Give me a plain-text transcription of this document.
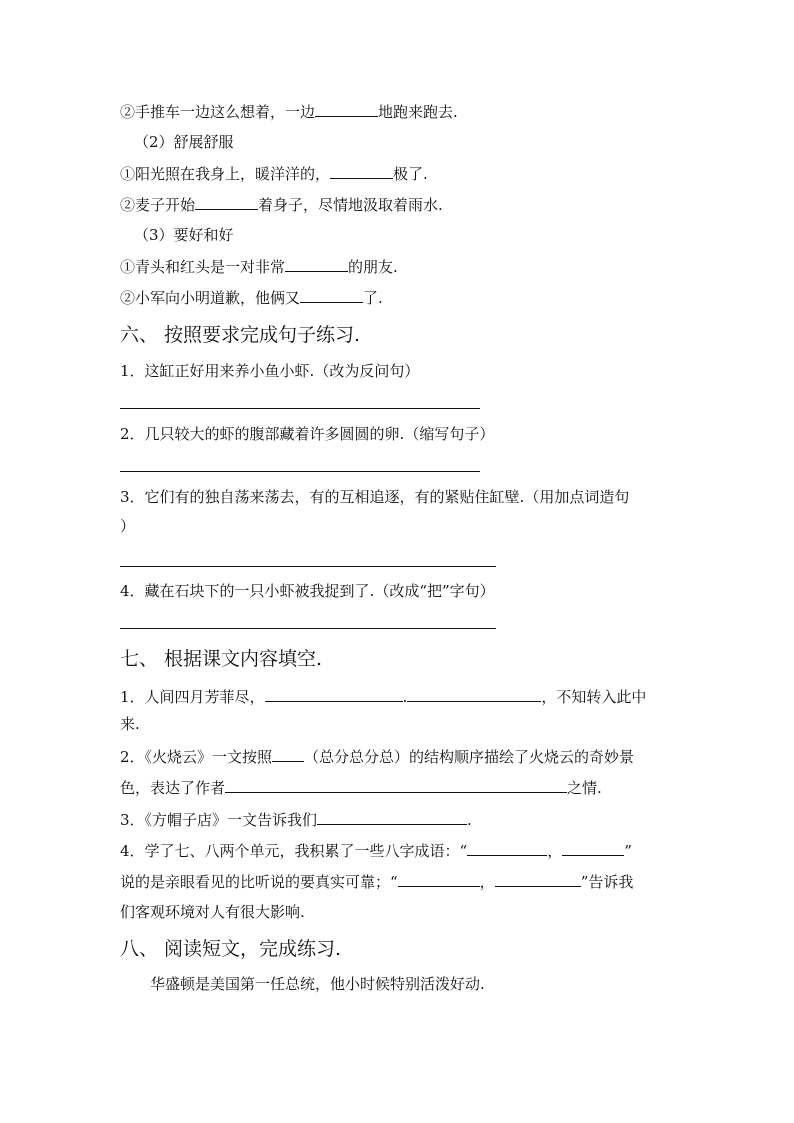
②手推车一边这么想着，一边	地跑来跑去.
（2）舒展舒服
①阳光照在我身上，暖洋洋的，	极了.
②麦子开始	着身子，尽情地汲取着雨水.
（3）要好和好
①青头和红头是一对非常	的朋友.
②小军向小明道歉，他俩又	了.
六、 按照要求完成句子练习.
1．这缸正好用来养小鱼小虾.（改为反问句）
2．几只较大的虾的腹部藏着许多圆圆的卵.（缩写句子）
3．它们有的独自荡来荡去，有的互相追逐，有的紧贴住缸壁.（用加点词造句
）
4．藏在石块下的一只小虾被我捉到了.（改成“把”字句）
七、 根据课文内容填空.
1．人间四月芳菲尽，	.	，不知转入此中
来.
2．《火烧云》一文按照 （总分总分总）的结构顺序描绘了火烧云的奇妙景
色，表达了作者	之情.
3．《方帽子店》一文告诉我们	.
4．学了七、八两个单元，我积累了一些八字成语：“	，	”
说的是亲眼看见的比听说的要真实可靠；“	，	”告诉我
们客观环境对人有很大影响.
八、 阅读短文，完成练习.
华盛顿是美国第一任总统，他小时候特别活泼好动.
